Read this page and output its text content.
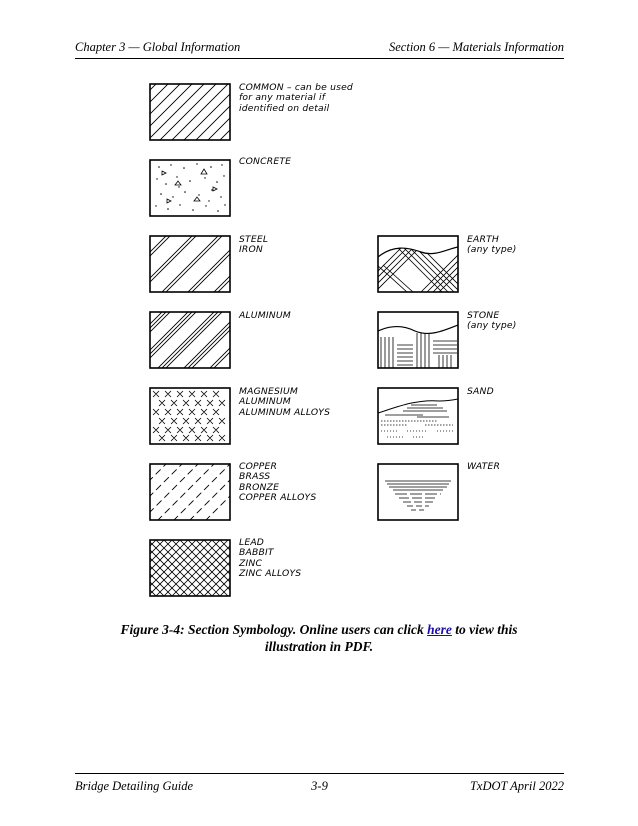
Chapter 3 — Global Information	Section 6 — Materials Information
COMMON – can be used
for any material if
identified on detail
CONCRETE
STEEL
IRON
ALUMINUM
MAGNESIUM
ALUMINUM
ALUMINUM ALLOYS
COPPER
BRASS
BRONZE
COPPER ALLOYS
LEAD
BABBIT
ZINC
ZINC ALLOYS
EARTH
(any type)
STONE
(any type)
SAND
WATER
Figure 3-4: Section Symbology. Online users can click here to view this illustration in PDF.
Bridge Detailing Guide	3-9	TxDOT April 2022
